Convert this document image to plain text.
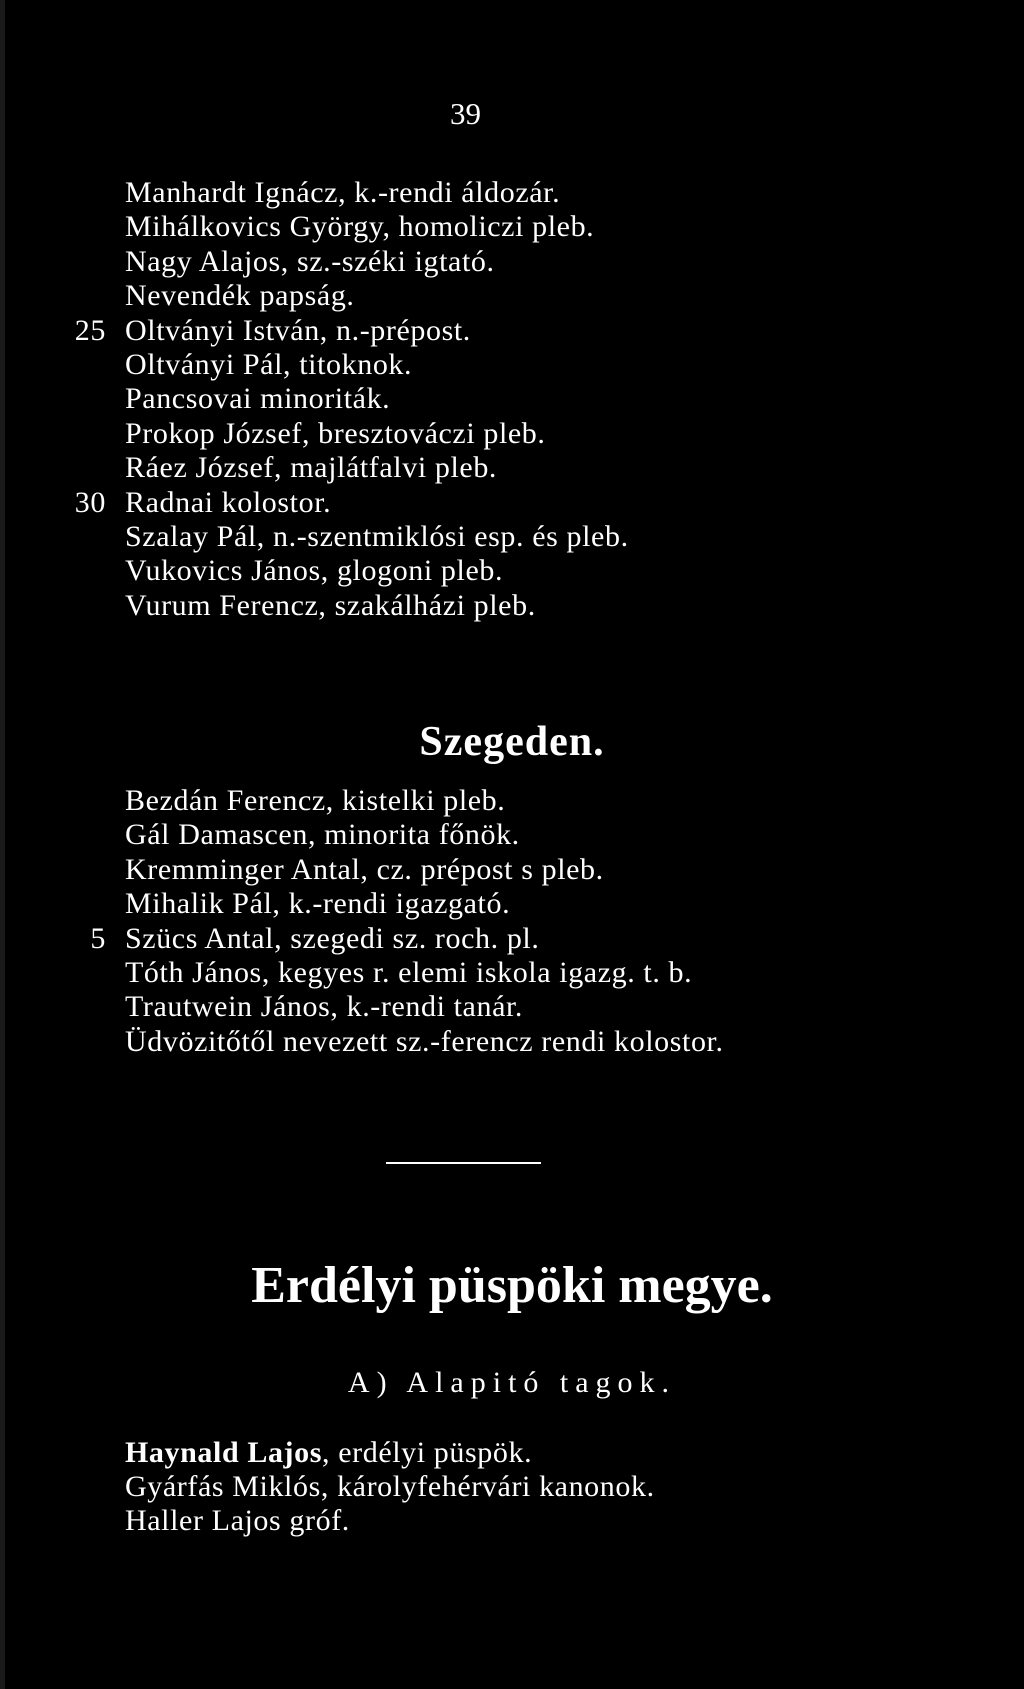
39
Manhardt Ignácz, k.-rendi áldozár.
Mihálkovics György, homoliczi pleb.
Nagy Alajos, sz.-széki igtató.
Nevendék papság.
25 Oltványi István, n.-prépost.
Oltványi Pál, titoknok.
Pancsovai minoriták.
Prokop József, bresztováczi pleb.
Ráez József, majlátfalvi pleb.
30 Radnai kolostor.
Szalay Pál, n.-szentmiklósi esp. és pleb.
Vukovics János, glogoni pleb.
Vurum Ferencz, szakálházi pleb.
Szegeden.
Bezdán Ferencz, kistelki pleb.
Gál Damascen, minorita főnök.
Kremminger Antal, cz. prépost s pleb.
Mihalik Pál, k.-rendi igazgató.
5 Szücs Antal, szegedi sz. roch. pl.
Tóth János, kegyes r. elemi iskola igazg. t. b.
Trautwein János, k.-rendi tanár.
Üdvözitőtől nevezett sz.-ferencz rendi kolostor.
Erdélyi püspöki megye.
A) Alapitó tagok.
Haynald Lajos, erdélyi püspök.
Gyárfás Miklós, károlyfehérvári kanonok.
Haller Lajos gróf.
